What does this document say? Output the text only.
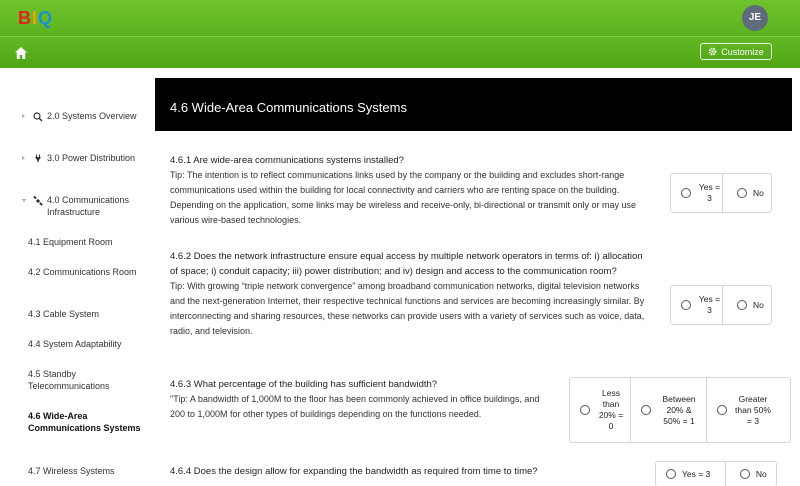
B I Q	JE
Customize
2.0 Systems Overview
3.0 Power Distribution
4.0 Communications Infrastructure
4.1 Equipment Room
4.2 Communications Room
4.3 Cable System
4.4 System Adaptability
4.5 Standby Telecommunications
4.6 Wide-Area Communications Systems
4.7 Wireless Systems
4.6 Wide-Area Communications Systems
4.6.1 Are wide-area communications systems installed?
Tip: The intention is to reflect communications links used by the company or the building and excludes short-range communications used within the building for local connectivity and carriers who are renting space on the building. Depending on the application, some links may be wireless and receive-only, bi-directional or transmit only or may use various wire-based technologies.
Yes = 3
No
4.6.2 Does the network infrastructure ensure equal access by multiple network operators in terms of: i) allocation of space; i) conduit capacity; iii) power distribution; and iv) design and access to the communication room?
Tip: With growing “triple network convergence” among broadband communication networks, digital television networks and the next-generation Internet, their respective technical functions and services are becoming increasingly similar. By interconnecting and sharing resources, these networks can provide users with a variety of services such as voice, data, radio, and television.
Yes = 3
No
4.6.3 What percentage of the building has sufficient bandwidth?
"Tip: A bandwidth of 1,000M to the floor has been commonly achieved in office buildings, and 200 to 1,000M for other types of buildings depending on the functions needed.
Less than 20% = 0
Between 20% & 50% = 1
Greater than 50% = 3
4.6.4 Does the design allow for expanding the bandwidth as required from time to time?	Yes = 3	No
